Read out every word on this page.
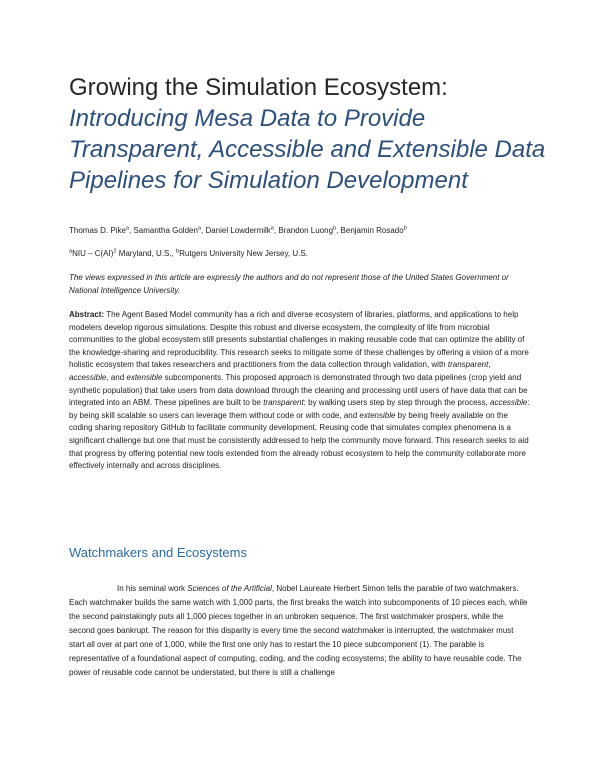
Growing the Simulation Ecosystem:

Introducing Mesa Data to Provide

Transparent, Accessible and Extensible Data

Pipelines for Simulation Development

Thomas D. Pike$^a$, Samantha Golden$^a$, Daniel Lowdermilk$^a$, Brandon Luong$^b$, Benjamin Rosado$^b$
$^a$NIU – C(AI)$^2$ Maryland, U.S., $^b$Rutgers University New Jersey, U.S.
The views expressed in this article are expressly the authors and do not represent those of the United States Government or National Intelligence University.
Abstract: The Agent Based Model community has a rich and diverse ecosystem of libraries, platforms, and applications to help modelers develop rigorous simulations. Despite this robust and diverse ecosystem, the complexity of life from microbial communities to the global ecosystem still presents substantial challenges in making reusable code that can optimize the ability of the knowledge-sharing and reproducibility. This research seeks to mitigate some of these challenges by offering a vision of a more holistic ecosystem that takes researchers and practitioners from the data collection through validation, with transparent, accessible, and extensible subcomponents. This proposed approach is demonstrated through two data pipelines (crop yield and synthetic population) that take users from data download through the cleaning and processing until users of have data that can be integrated into an ABM. These pipelines are built to be transparent: by walking users step by step through the process, accessible: by being skill scalable so users can leverage them without code or with code, and extensible by being freely available on the coding sharing repository GitHub to facilitate community development. Reusing code that simulates complex phenomena is a significant challenge but one that must be consistently addressed to help the community move forward. This research seeks to aid that progress by offering potential new tools extended from the already robust ecosystem to help the community collaborate more effectively internally and across disciplines.
Watchmakers and Ecosystems

In his seminal work Sciences of the Artificial, Nobel Laureate Herbert Simon tells the parable of two watchmakers. Each watchmaker builds the same watch with 1,000 parts, the first breaks the watch into subcomponents of 10 pieces each, while the second painstakingly puts all 1,000 pieces together in an unbroken sequence. The first watchmaker prospers, while the second goes bankrupt. The reason for this disparity is every time the second watchmaker is interrupted, the watchmaker must start all over at part one of 1,000, while the first one only has to restart the 10 piece subcomponent (1). The parable is representative of a foundational aspect of computing, coding, and the coding ecosystems; the ability to have reusable code. The power of reusable code cannot be understated, but there is still a challenge
